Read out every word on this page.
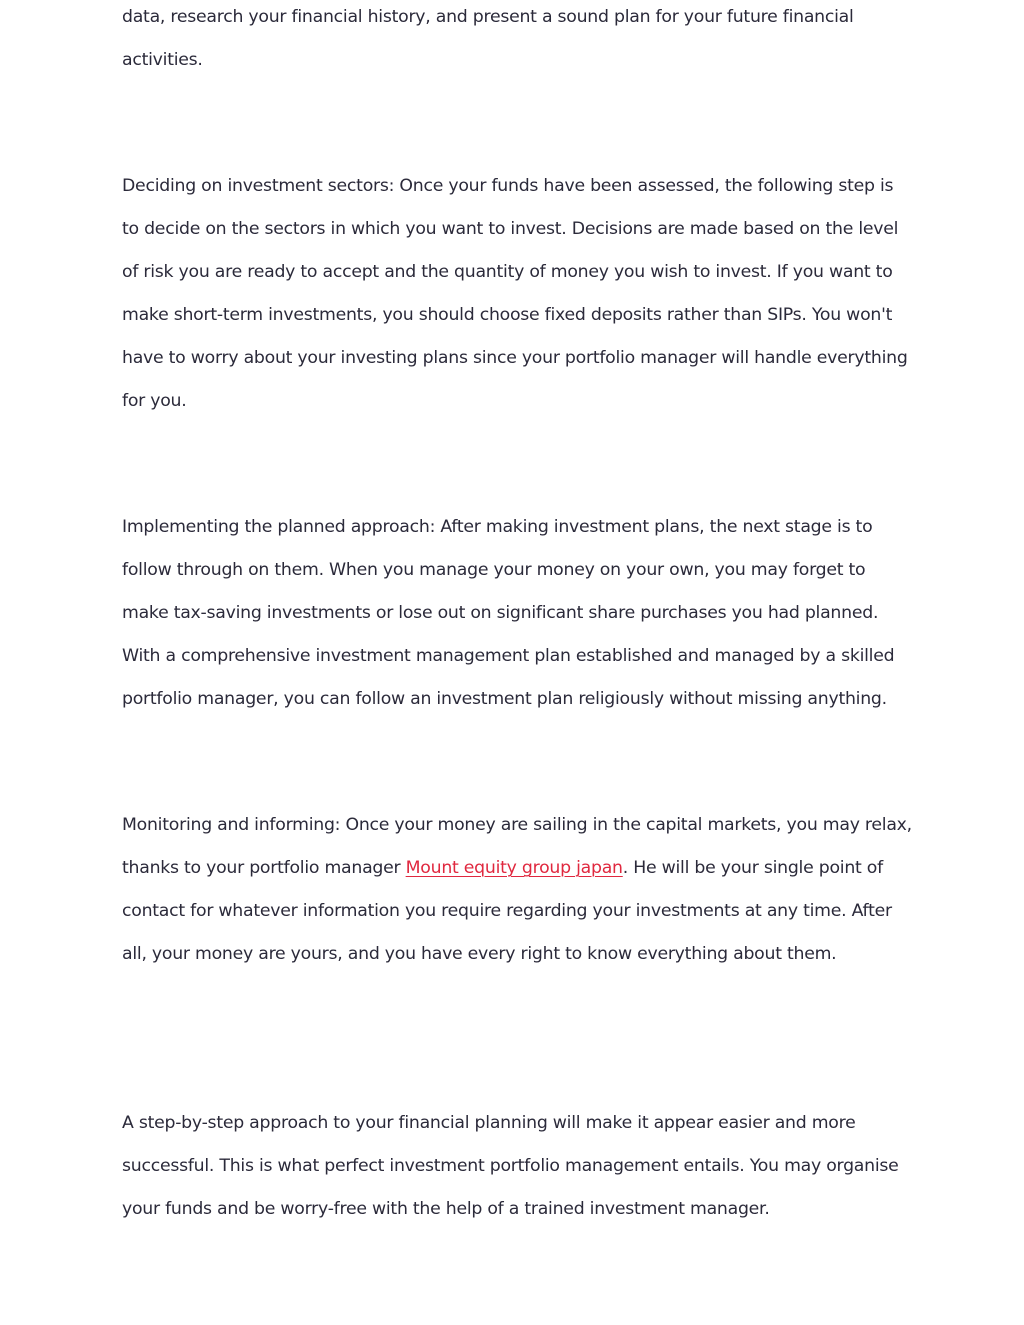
data, research your financial history, and present a sound plan for your future financial activities.

Deciding on investment sectors: Once your funds have been assessed, the following step is to decide on the sectors in which you want to invest. Decisions are made based on the level of risk you are ready to accept and the quantity of money you wish to invest. If you want to make short-term investments, you should choose fixed deposits rather than SIPs. You won't have to worry about your investing plans since your portfolio manager will handle everything for you.

Implementing the planned approach: After making investment plans, the next stage is to follow through on them. When you manage your money on your own, you may forget to make tax-saving investments or lose out on significant share purchases you had planned. With a comprehensive investment management plan established and managed by a skilled portfolio manager, you can follow an investment plan religiously without missing anything.

Monitoring and informing: Once your money are sailing in the capital markets, you may relax, thanks to your portfolio manager Mount equity group japan. He will be your single point of contact for whatever information you require regarding your investments at any time. After all, your money are yours, and you have every right to know everything about them.

A step-by-step approach to your financial planning will make it appear easier and more successful. This is what perfect investment portfolio management entails. You may organise your funds and be worry-free with the help of a trained investment manager.
